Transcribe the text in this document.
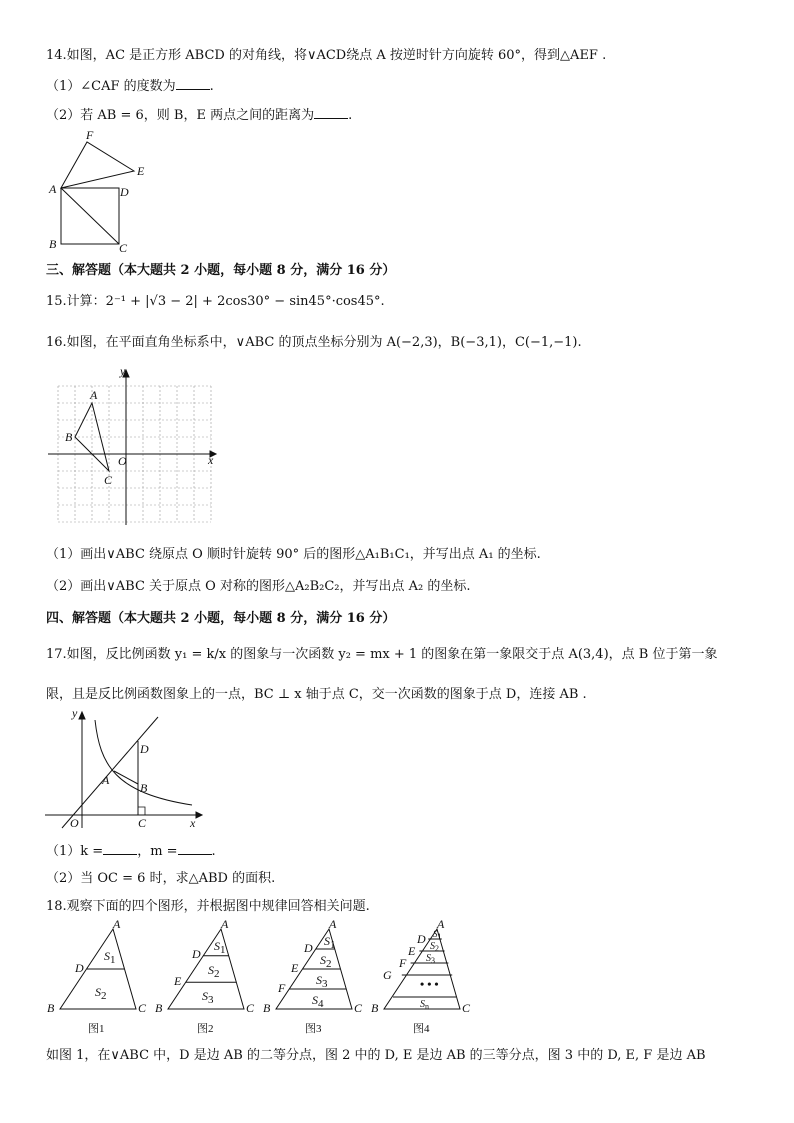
14.如图，AC 是正方形 ABCD 的对角线，将∨ACD绕点 A 按逆时针方向旋转 60°，得到△AEF .
（1）∠CAF 的度数为	.
（2）若 AB = 6，则 B，E 两点之间的距离为	.
F
E
A	D
B	C
三、解答题（本大题共 2 小题，每小题 8 分，满分 16 分）
15.计算：2⁻¹ + |√3 − 2| + 2cos30° − sin45°·cos45°.
16.如图，在平面直角坐标系中，∨ABC 的顶点坐标分别为 A(−2,3)，B(−3,1)，C(−1,−1).
y
x
O
A
B
C
（1）画出∨ABC 绕原点 O 顺时针旋转 90° 后的图形△A₁B₁C₁，并写出点 A₁ 的坐标.
（2）画出∨ABC 关于原点 O 对称的图形△A₂B₂C₂，并写出点 A₂ 的坐标.
四、解答题（本大题共 2 小题，每小题 8 分，满分 16 分）
17.如图，反比例函数 y₁ = k/x 的图象与一次函数 y₂ = mx + 1 的图象在第一象限交于点 A(3,4)，点 B 位于第一象
限，且是反比例函数图象上的一点，BC ⊥ x 轴于点 C，交一次函数的图象于点 D，连接 AB .
y
x
O
A
B
C
D
（1）k =	，m =	.
（2）当 OC = 6 时，求△ABD 的面积.
18.观察下面的四个图形，并根据图中规律回答相关问题.
A
B	C
D
S1
S2
图1
A
B	C
D
E
S1
S2
S3
图2
A
B	C
D
E
F
S1
S2
S3
S4
图3
A
B	C
D
E
F
G
S1
$S_2$
$S_3$
• • •
$S_n$
图4
如图 1，在∨ABC 中，D 是边 AB 的二等分点，图 2 中的 D, E 是边 AB 的三等分点，图 3 中的 D, E, F 是边 AB
